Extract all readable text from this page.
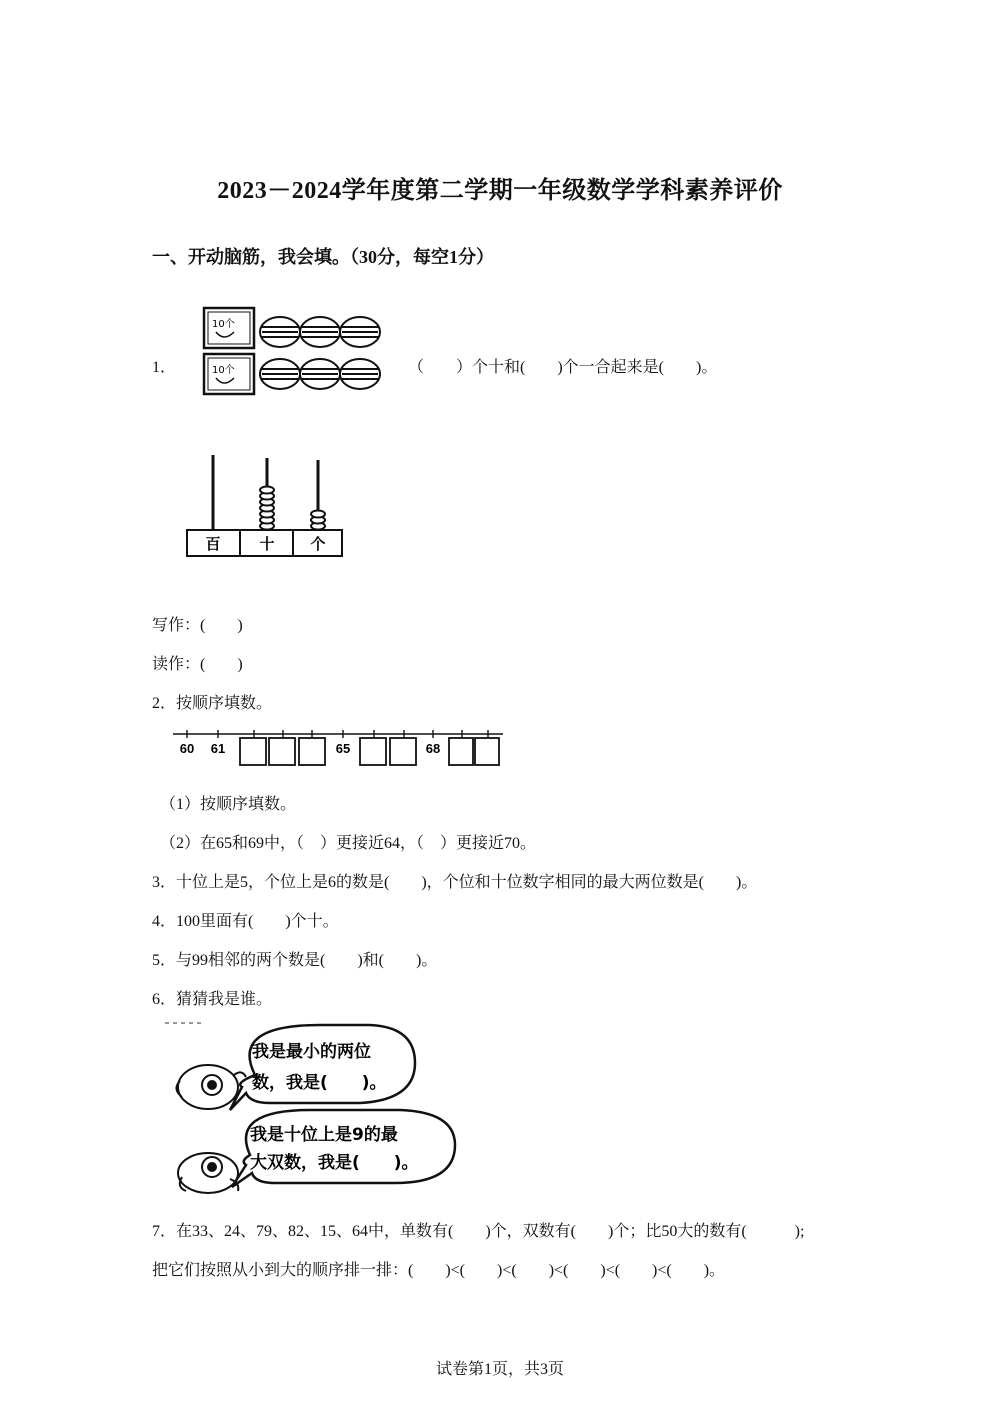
2023－2024学年度第二学期一年级数学学科素养评价
一、开动脑筋，我会填。（30分，每空1分）
1．
10个
10个	（　　）个十和(　　)个一合起来是(　　)。
百	十 个
写作：(　　)
读作：(　　)
2．按顺序填数。
60 61	65	68
（1）按顺序填数。
（2）在65和69中，（　）更接近64，（　）更接近70。
3．十位上是5，个位上是6的数是(　　)，个位和十位数字相同的最大两位数是(　　)。
4．100里面有(　　)个十。
5．与99相邻的两个数是(　　)和(　　)。
6．猜猜我是谁。
我是最小的两位
数，我是(　　)。
我是十位上是9的最
大双数，我是(　　)。
7．在33、24、79、82、15、64中，单数有(　　)个，双数有(　　)个；比50大的数有(　　　);
把它们按照从小到大的顺序排一排：(　　)<(　　)<(　　)<(　　)<(　　)<(　　)。
试卷第1页，共3页
